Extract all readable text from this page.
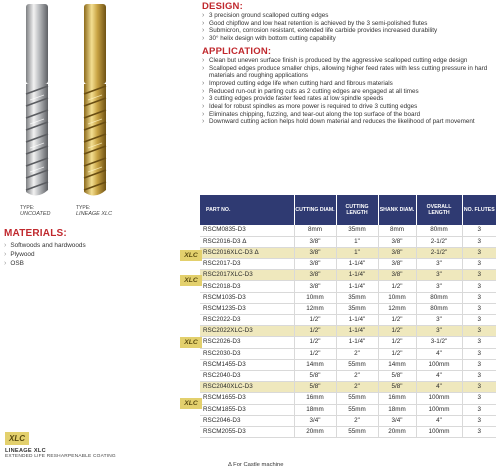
TYPE:
UNCOATED
TYPE:
LINEAGE XLC
MATERIALS:
› Softwoods and hardwoods
› Plywood
› OSB
DESIGN:
› 3 precision ground scalloped cutting edges
› Good chipflow and low heat retention is achieved by the 3 semi-polished flutes
› Submicron, corrosion resistant, extended life carbide provides increased durability
› 30° helix design with bottom cutting capability
APPLICATION:
› Clean but uneven surface finish is produced by the aggressive scalloped cutting edge design
› Scalloped edges produce smaller chips, allowing higher feed rates with less cutting pressure in hard materials and roughing applications
› Improved cutting edge life when cutting hard and fibrous materials
› Reduced run-out in parting cuts as 2 cutting edges are engaged at all times
› 3 cutting edges provide faster feed rates at low spindle speeds
› Ideal for robust spindles as more power is required to drive 3 cutting edges
› Eliminates chipping, fuzzing, and tear-out along the top surface of the board
› Downward cutting action helps hold down material and reduces the likelihood of part movement
PART NO.	CUTTING DIAM.	CUTTING LENGTH	SHANK DIAM.	OVERALL LENGTH	NO. FLUTES
RSCM0835-D3	8mm	35mm	8mm	80mm	3
RSC2016-D3 Δ	3/8"	1"	3/8"	2-1/2"	3
RSC2016XLC-D3 Δ	3/8"	1"	3/8"	2-1/2"	3
RSC2017-D3	3/8"	1-1/4"	3/8"	3"	3
RSC2017XLC-D3	3/8"	1-1/4"	3/8"	3"	3
RSC2018-D3	3/8"	1-1/4"	1/2"	3"	3
RSCM1035-D3	10mm	35mm	10mm	80mm	3
RSCM1235-D3	12mm	35mm	12mm	80mm	3
RSC2022-D3	1/2"	1-1/4"	1/2"	3"	3
RSC2022XLC-D3	1/2"	1-1/4"	1/2"	3"	3
RSC2026-D3	1/2"	1-1/4"	1/2"	3-1/2"	3
RSC2030-D3	1/2"	2"	1/2"	4"	3
RSCM1455-D3	14mm	55mm	14mm	100mm	3
RSC2040-D3	5/8"	2"	5/8"	4"	3
RSC2040XLC-D3	5/8"	2"	5/8"	4"	3
RSCM1655-D3	16mm	55mm	16mm	100mm	3
RSCM1855-D3	18mm	55mm	18mm	100mm	3
RSC2046-D3	3/4"	2"	3/4"	4"	3
RSCM2055-D3	20mm	55mm	20mm	100mm	3
XLC
XLC
XLC
XLC
Δ For Castle machine
XLC
LINEAGE XLC
EXTENDED LIFE RESHARPENABLE COATING
